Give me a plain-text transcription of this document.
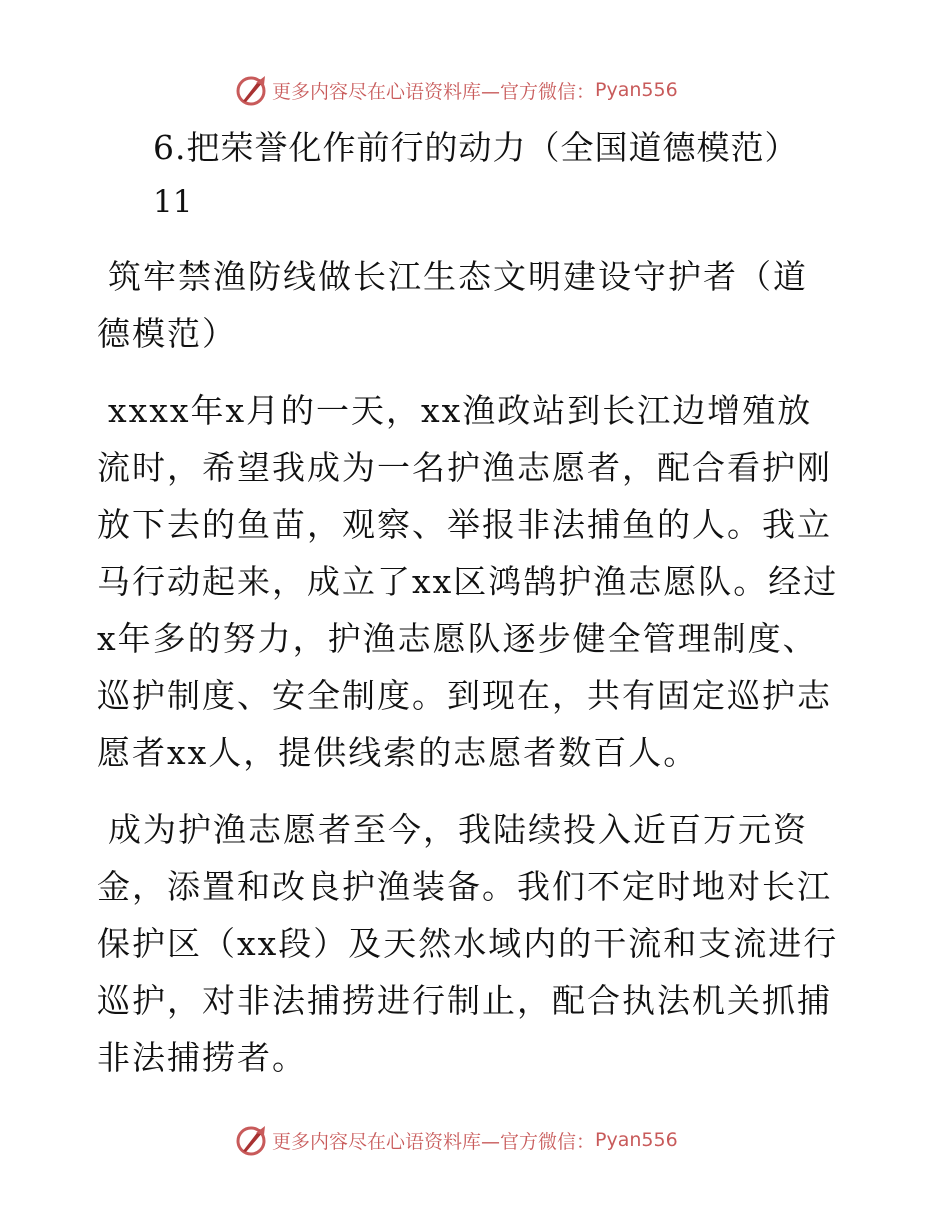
更多内容尽在心语资料库—官方微信： Pyan556
6.把荣誉化作前行的动力（全国道德模范）
11

筑牢禁渔防线做长江生态文明建设守护者（道德模范）

xxxx年x月的一天，xx渔政站到长江边增殖放流时，希望我成为一名护渔志愿者，配合看护刚放下去的鱼苗，观察、举报非法捕鱼的人。我立马行动起来，成立了xx区鸿鹄护渔志愿队。经过x年多的努力，护渔志愿队逐步健全管理制度、巡护制度、安全制度。到现在，共有固定巡护志愿者xx人，提供线索的志愿者数百人。

成为护渔志愿者至今，我陆续投入近百万元资金，添置和改良护渔装备。我们不定时地对长江保护区（xx段）及天然水域内的干流和支流进行巡护，对非法捕捞进行制止，配合执法机关抓捕非法捕捞者。

更多内容尽在心语资料库—官方微信： Pyan556
